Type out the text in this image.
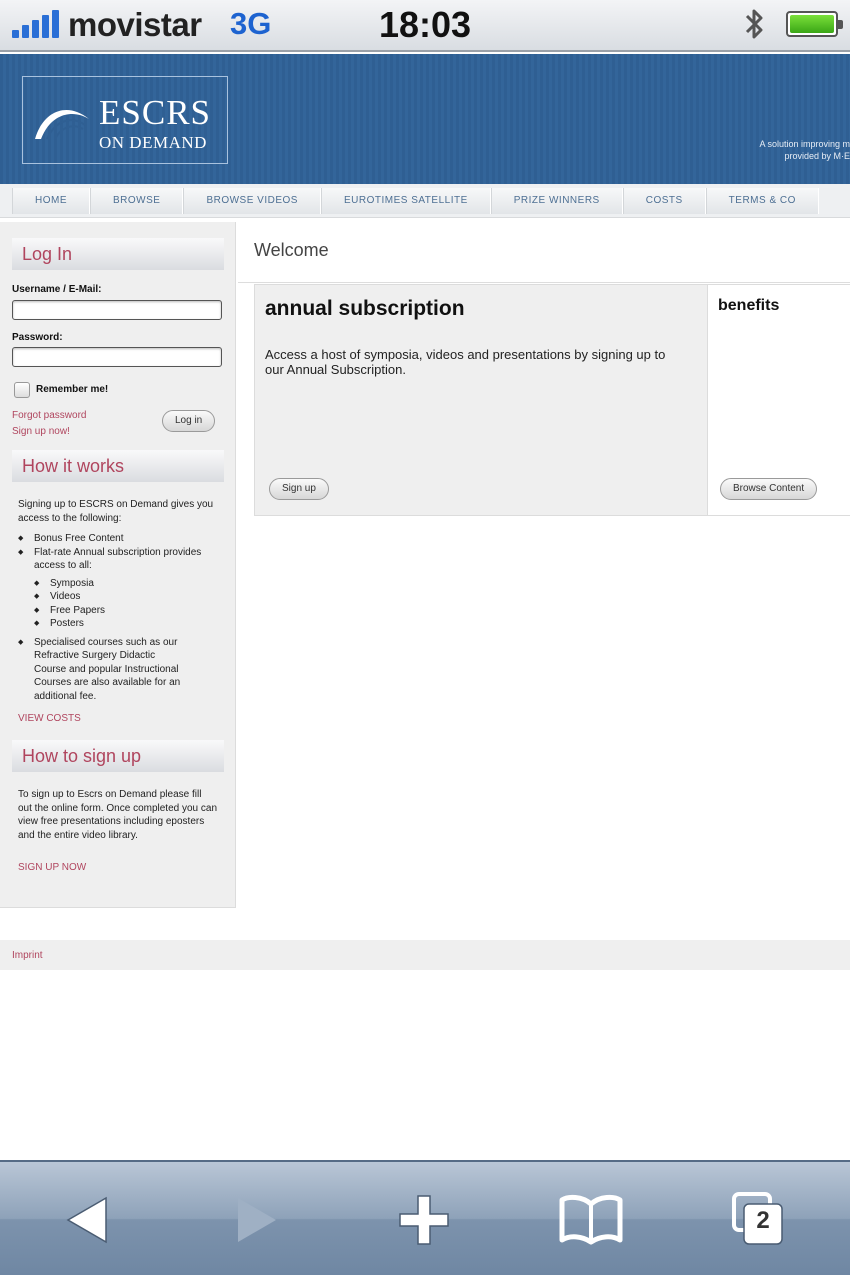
movistar 3G	18:03
ESCRS
ON DEMAND	A solution improving m
provided by M·E
HOME	BROWSE	BROWSE VIDEOS	EUROTIMES SATELLITE	PRIZE WINNERS	COSTS	TERMS & CO
Log In
Username / E-Mail:
Password:
Remember me!
Forgot password
Sign up now!
Log in
How it works
Signing up to ESCRS on Demand gives you access to the following:
◆ Bonus Free Content
◆ Flat-rate Annual subscription provides access to all:
◆ Symposia
◆ Videos
◆ Free Papers
◆ Posters
◆ Specialised courses such as our Refractive Surgery Didactic
Course and popular Instructional Courses are also available for an additional fee.
VIEW COSTS
How to sign up
To sign up to Escrs on Demand please fill out the online form. Once completed you can view free presentations including eposters and the entire video library.
SIGN UP NOW
Welcome
annual subscription
Access a host of symposia, videos and presentations by signing up to our Annual Subscription.
Sign up
benefits
Browse Content
Imprint
2
